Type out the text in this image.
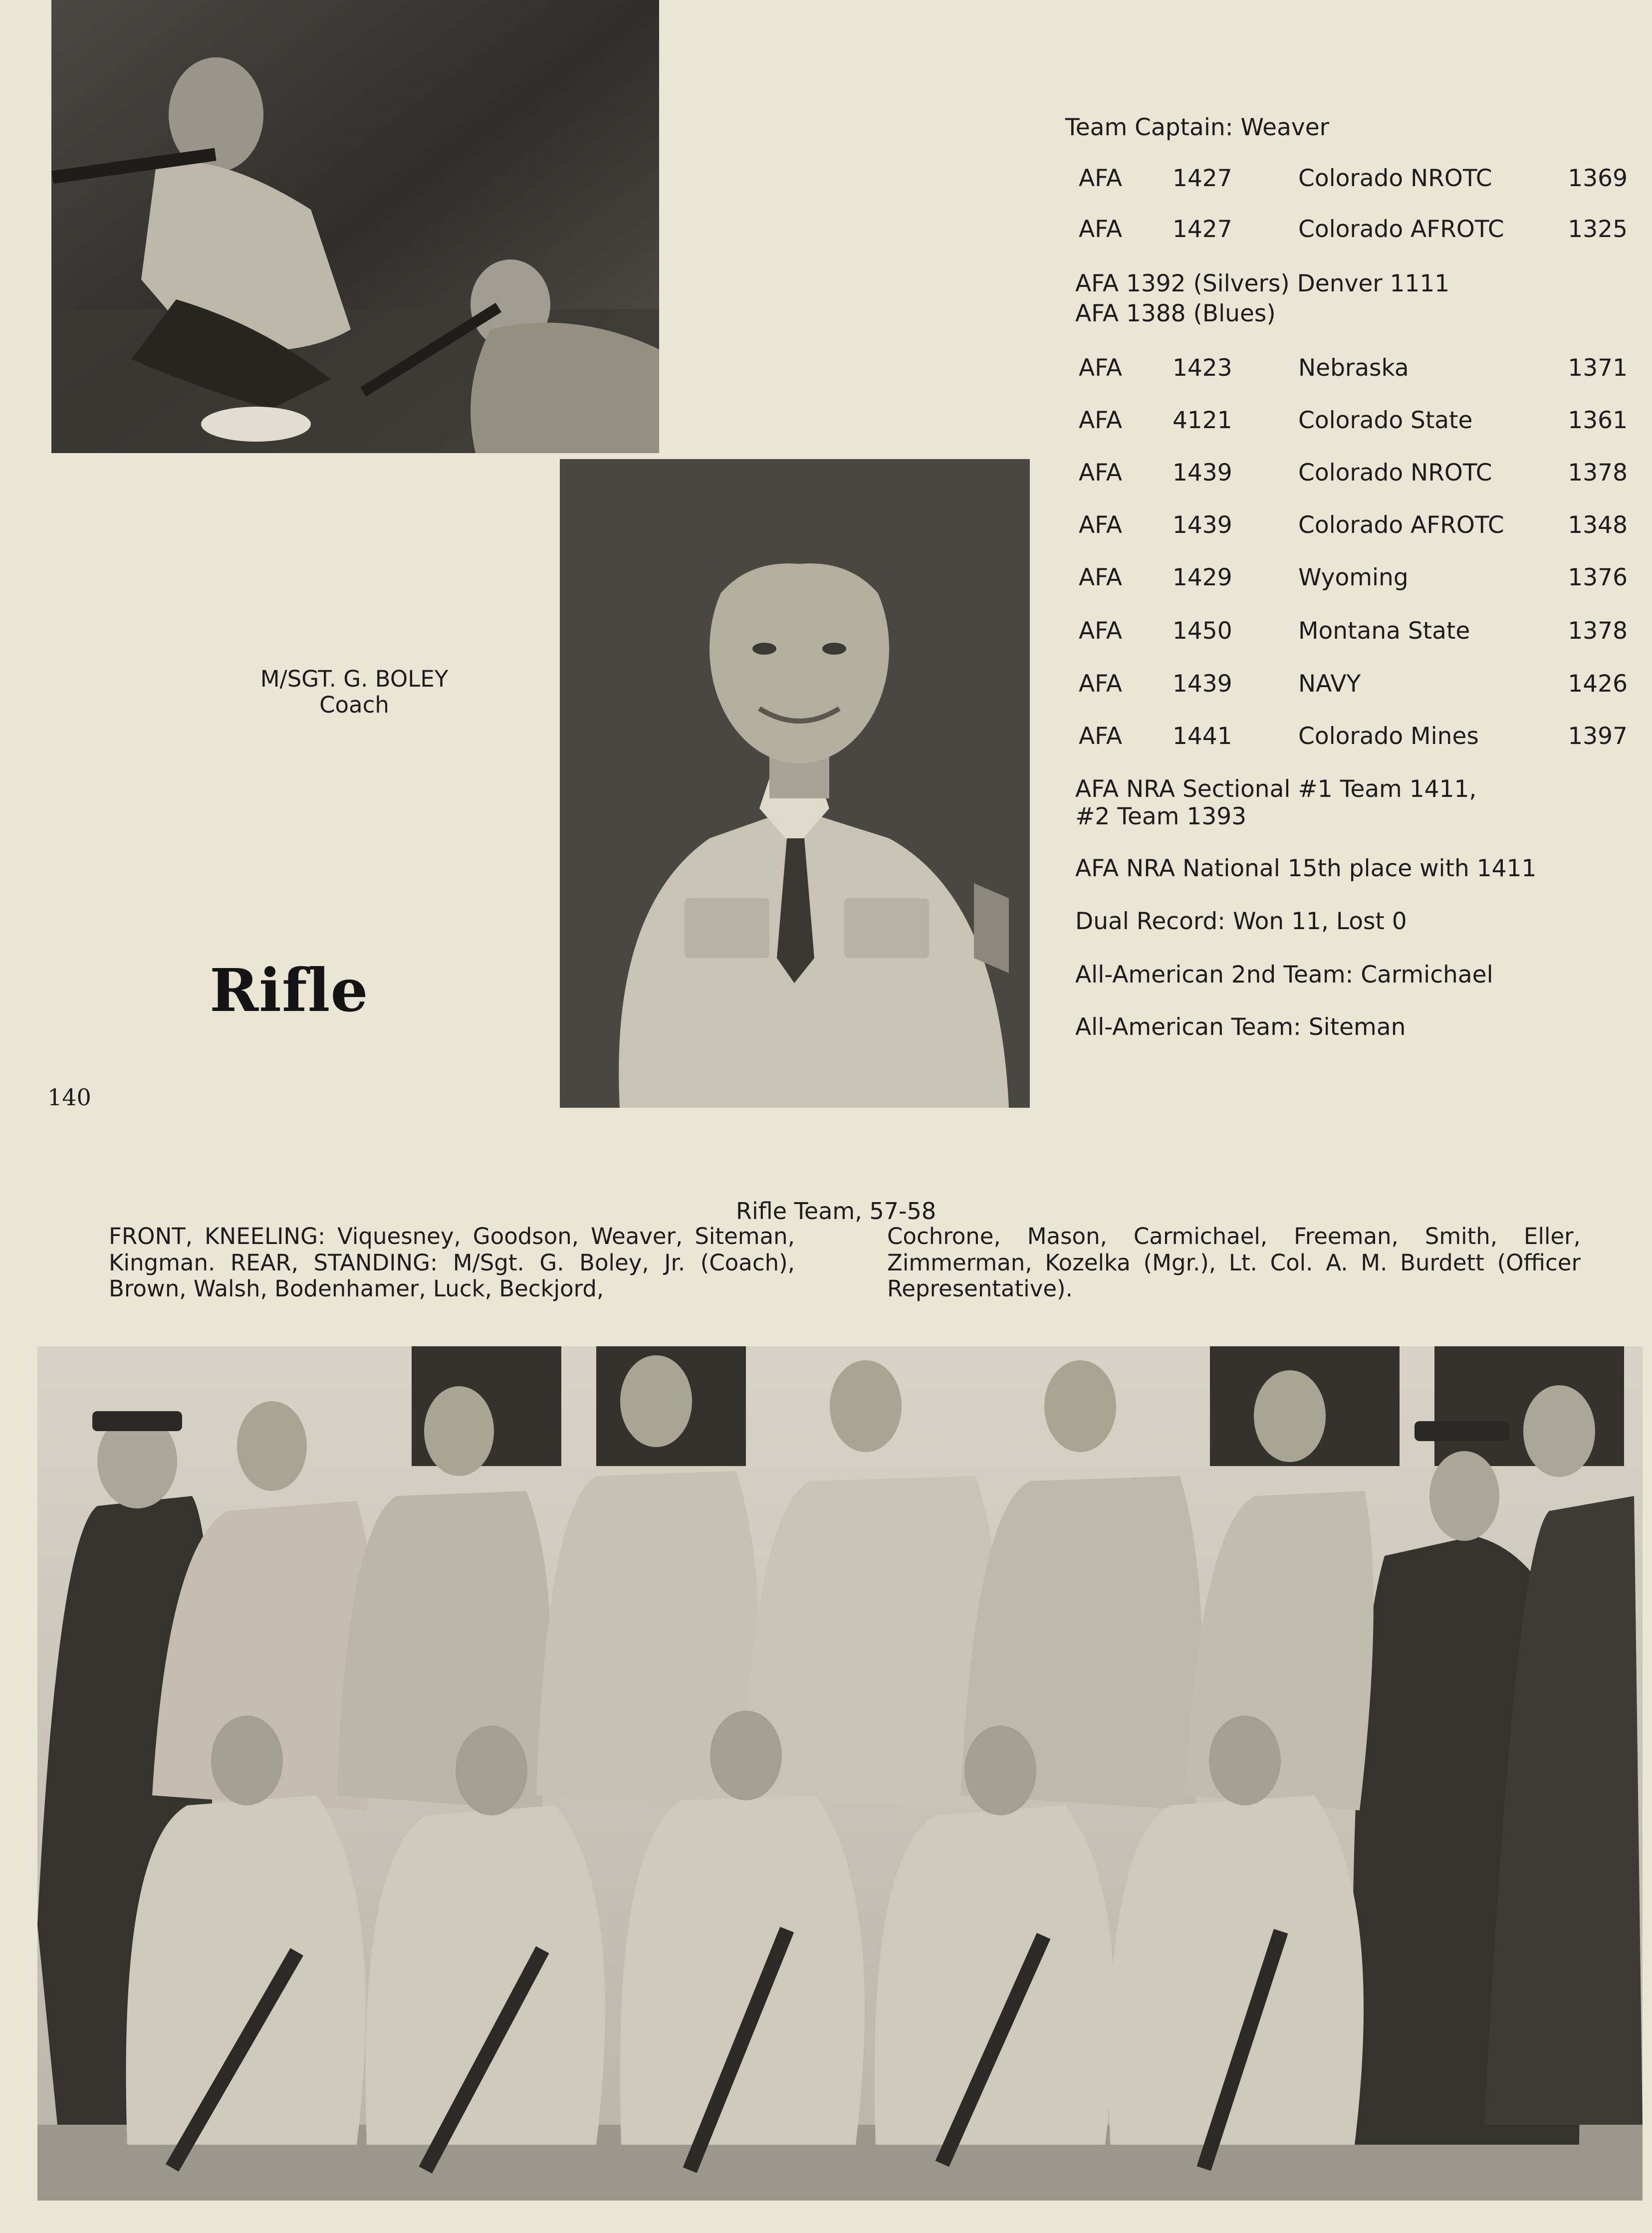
Team Captain: Weaver
AFA 1427	Colorado NROTC	1369
AFA 1427	Colorado AFROTC	1325
AFA 1392 (Silvers) Denver 1111
AFA 1388 (Blues)
AFA 1423	Nebraska	1371
AFA 4121	Colorado State	1361
AFA 1439	Colorado NROTC	1378
AFA 1439	Colorado AFROTC	1348
AFA 1429	Wyoming	1376
AFA 1450	Montana State	1378
AFA 1439	NAVY	1426
AFA 1441	Colorado Mines	1397
AFA NRA Sectional #1 Team 1411,
#2 Team 1393
AFA NRA National 15th place with 1411
Dual Record: Won 11, Lost 0
All-American 2nd Team: Carmichael
All-American Team: Siteman
M/SGT. G. BOLEY
Coach
Rifle
140
Rifle Team, 57-58
FRONT, KNEELING: Viquesney, Goodson, Weaver, Siteman, Kingman. REAR, STANDING: M/Sgt. G. Boley, Jr. (Coach), Brown, Walsh, Bodenhamer, Luck, Beckjord,
Cochrone, Mason, Carmichael, Freeman, Smith, Eller, Zimmerman, Kozelka (Mgr.), Lt. Col. A. M. Burdett (Officer Representative).
